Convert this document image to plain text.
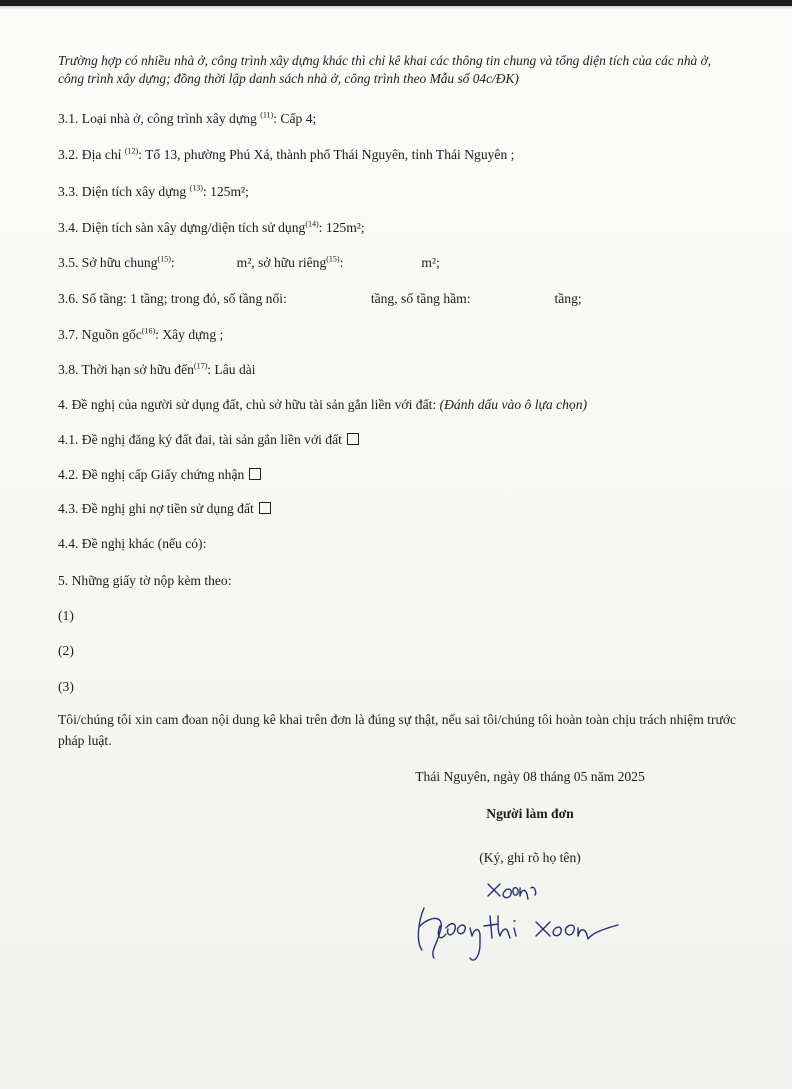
Trường hợp có nhiều nhà ở, công trình xây dựng khác thì chỉ kê khai các thông tin chung và tổng diện tích của các nhà ở, công trình xây dựng; đồng thời lập danh sách nhà ở, công trình theo Mẫu số 04c/ĐK)
3.1. Loại nhà ở, công trình xây dựng $^{(11)}$: Cấp 4;
3.2. Địa chỉ $^{(12)}$: Tổ 13, phường Phú Xá, thành phố Thái Nguyên, tỉnh Thái Nguyên ;
3.3. Diện tích xây dựng $^{(13)}$: 125m²;
3.4. Diện tích sàn xây dựng/diện tích sử dụng$^{(14)}$: 125m²;
3.5. Sở hữu chung$^{(15)}$:	m², sở hữu riêng$^{(15)}$:	m²;
3.6. Số tầng: 1 tầng; trong đó, số tầng nổi:	tầng, số tầng hầm:	tầng;
3.7. Nguồn gốc$^{(16)}$: Xây dựng ;
3.8. Thời hạn sở hữu đến$^{(17)}$: Lâu dài
4. Đề nghị của người sử dụng đất, chủ sở hữu tài sản gắn liền với đất: (Đánh dấu vào ô lựa chọn)
4.1. Đề nghị đăng ký đất đai, tài sản gắn liền với đất
4.2. Đề nghị cấp Giấy chứng nhận
4.3. Đề nghị ghi nợ tiền sử dụng đất
4.4. Đề nghị khác (nếu có):
5. Những giấy tờ nộp kèm theo:
(1)
(2)
(3)
Tôi/chúng tôi xin cam đoan nội dung kê khai trên đơn là đúng sự thật, nếu sai tôi/chúng tôi hoàn toàn chịu trách nhiệm trước pháp luật.
Thái Nguyên, ngày 08 tháng 05 năm 2025
Người làm đơn
(Ký, ghi rõ họ tên)
